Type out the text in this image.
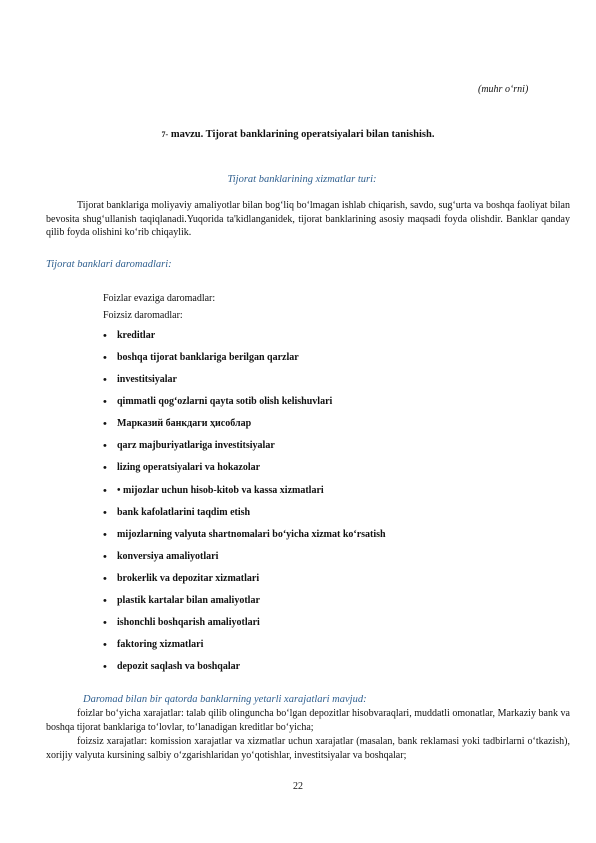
(muhr o‘rni)
7- mavzu. Tijorat banklarining operatsiyalari bilan tanishish.
Tijorat banklarining xizmatlar turi:
Tijorat banklariga moliyaviy amaliyotlar bilan bog‘liq bo‘lmagan ishlab chiqarish, savdo, sug‘urta va boshqa faoliyat bilan bevosita shug‘ullanish taqiqlanadi.Yuqorida ta'kidlanganidek, tijorat banklarining asosiy maqsadi foyda olishdir. Banklar qanday qilib foyda olishini ko‘rib chiqaylik.
Tijorat banklari daromadlari:
Foizlar evaziga daromadlar:
Foizsiz daromadlar:
•	kreditlar
•	boshqa tijorat banklariga berilgan qarzlar
•	investitsiyalar
•	qimmatli qog‘ozlarni qayta sotib olish kelishuvlari
•	Марказий банкдаги ҳисоблар
•	qarz majburiyatlariga investitsiyalar
•	lizing operatsiyalari va hokazolar
•	• mijozlar uchun hisob-kitob va kassa xizmatlari
•	bank kafolatlarini taqdim etish
•	mijozlarning valyuta shartnomalari bo‘yicha xizmat ko‘rsatish
•	konversiya amaliyotlari
•	brokerlik va depozitar xizmatlari
•	plastik kartalar bilan amaliyotlar
•	ishonchli boshqarish amaliyotlari
•	faktoring xizmatlari
•	depozit saqlash va boshqalar
Daromad bilan bir qatorda banklarning yetarli xarajatlari mavjud:
foizlar bo‘yicha xarajatlar: talab qilib olinguncha bo‘lgan depozitlar hisobvaraqlari, muddatli omonatlar, Markaziy bank va boshqa tijorat banklariga to‘lovlar, to‘lanadigan kreditlar bo‘yicha;
foizsiz xarajatlar: komission xarajatlar va xizmatlar uchun xarajatlar (masalan, bank reklamasi yoki tadbirlarni o‘tkazish), xorijiy valyuta kursining salbiy o‘zgarishlaridan yo‘qotishlar, investitsiyalar va boshqalar;
22
